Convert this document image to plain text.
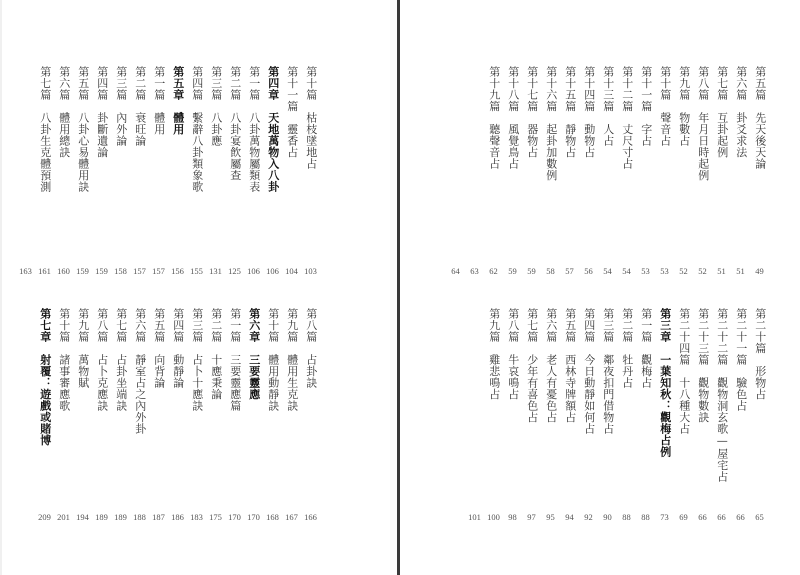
第十篇　枯枝墜地占
103
第十一篇　靈香占
104
第四章　天地萬物入八卦
106
第一篇　八卦萬物屬類表
106
第二篇　八卦宴飲屬查
125
第三篇　八卦應
131
第四篇　繫辭八卦類象歌
155
第五章　體用
156
第一篇　體用
157
第二篇　衰旺論
157
第三篇　內外論
158
第四篇　卦斷遺論
159
第五篇　八卦心易體用訣
159
第六篇　體用總訣
160
第七篇　八卦生克體預測
161
163
第八篇　占卦訣
166
第九篇　體用生克訣
167
第十篇　體用動靜訣
168
第六章　三要靈應
170
第一篇　三要靈應篇
170
第二篇　十應秉論
175
第三篇　占卜十應訣
183
第四篇　動靜論
186
第五篇　向背論
187
第六篇　靜室占之內外卦
188
第七篇　占卦坐端訣
189
第八篇　占卜克應訣
189
第九篇　萬物賦
194
第十篇　諸事審應歌
201
第七章　射覆：遊戲或賭博
209
第五篇　先天後天論
49
第六篇　卦爻求法
51
第七篇　互卦起例
51
第八篇　年月日時起例
52
第九篇　物數占
52
第十篇　聲音占
53
第十一篇　字占
53
第十二篇　丈尺寸占
54
第十三篇　人占
54
第十四篇　動物占
56
第十五篇　靜物占
57
第十六篇　起卦加數例
58
第十七篇　器物占
59
第十八篇　風覺鳥占
59
第十九篇　聽聲音占
62
63
64
第二十篇　形物占
65
第二十一篇　驗色占
66
第二十二篇　觀物洞玄歌—屋宅占
66
第二十三篇　觀物數訣
66
第二十四篇　十八種大占
69
第三章　一葉知秋：觀梅占例
73
第一篇　觀梅占
88
第二篇　牡丹占
88
第三篇　鄰夜扣門借物占
90
第四篇　今日動靜如何占
92
第五篇　西林寺牌額占
94
第六篇　老人有憂色占
95
第七篇　少年有喜色占
97
第八篇　牛哀鳴占
98
第九篇　雞悲鳴占
100
101
